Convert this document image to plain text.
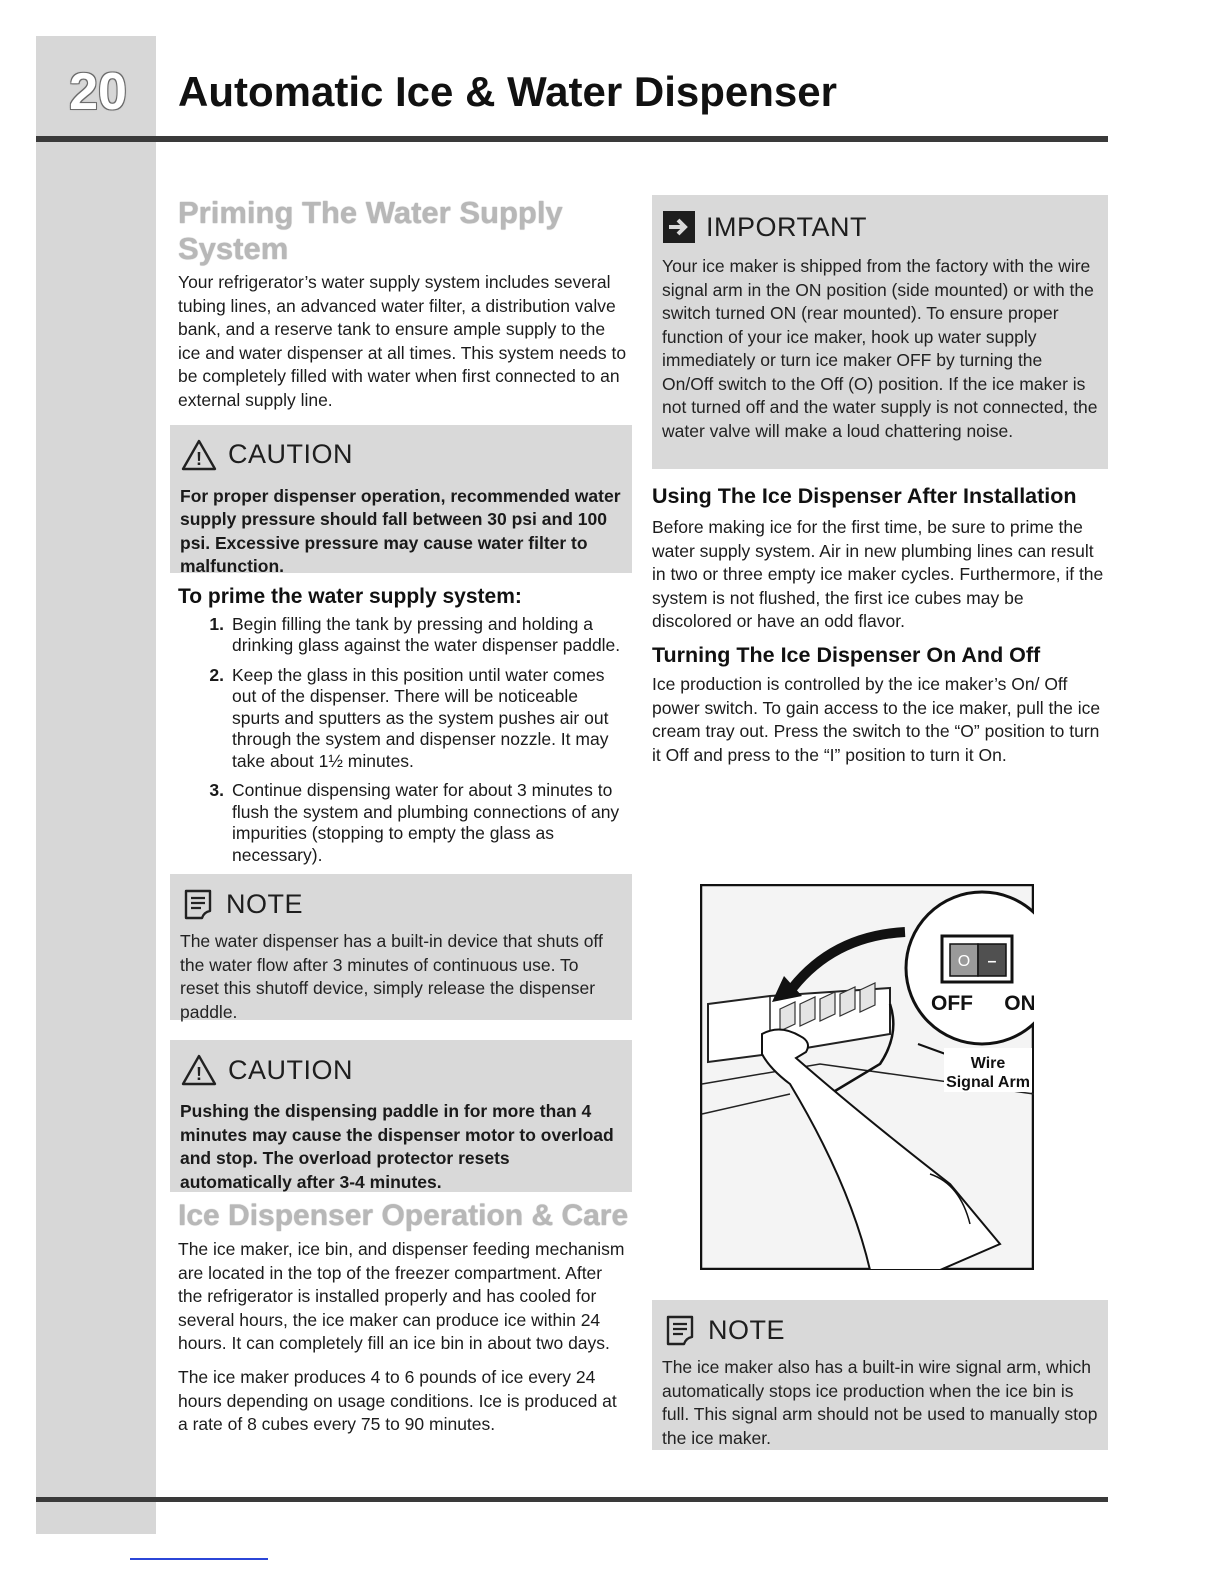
20	Automatic Ice & Water Dispenser
Priming The Water Supply
System

Your refrigerator’s water supply system includes several tubing lines, an advanced water filter, a distribution valve bank, and a reserve tank to ensure ample supply to the ice and water dispenser at all times. This system needs to be completely filled with water when first connected to an external supply line.

! CAUTION

For proper dispenser operation, recommended water supply pressure should fall between 30 psi and 100 psi. Excessive pressure may cause water filter to malfunction.

To prime the water supply system:
1. Begin filling the tank by pressing and holding a drinking glass against the water dispenser paddle.
2. Keep the glass in this position until water comes out of the dispenser. There will be noticeable spurts and sputters as the system pushes air out through the system and dispenser nozzle. It may take about 1½ minutes.
3. Continue dispensing water for about 3 minutes to flush the system and plumbing connections of any impurities (stopping to empty the glass as necessary).
NOTE

The water dispenser has a built-in device that shuts off the water flow after 3 minutes of continuous use. To reset this shutoff device, simply release the dispenser paddle.

! CAUTION

Pushing the dispensing paddle in for more than 4 minutes may cause the dispenser motor to overload and stop. The overload protector resets automatically after 3-4 minutes.

Ice Dispenser Operation & Care

The ice maker, ice bin, and dispenser feeding mechanism are located in the top of the freezer compartment. After the refrigerator is installed properly and has cooled for several hours, the ice maker can produce ice within 24 hours. It can completely fill an ice bin in about two days.

The ice maker produces 4 to 6 pounds of ice every 24 hours depending on usage conditions. Ice is produced at a rate of 8 cubes every 75 to 90 minutes.

IMPORTANT

Your ice maker is shipped from the factory with the wire signal arm in the ON position (side mounted) or with the switch turned ON (rear mounted). To ensure proper function of your ice maker, hook up water supply immediately or turn ice maker OFF by turning the On/Off switch to the Off (O) position. If the ice maker is not turned off and the water supply is not connected, the water valve will make a loud chattering noise.

Using The Ice Dispenser After Installation

Before making ice for the first time, be sure to prime the water supply system. Air in new plumbing lines can result in two or three empty ice maker cycles. Furthermore, if the system is not flushed, the first ice cubes may be discolored or have an odd flavor.

Turning The Ice Dispenser On And Off

Ice production is controlled by the ice maker’s On/ Off power switch. To gain access to the ice maker, pull the ice cream tray out. Press the switch to the “O” position to turn it Off and press to the “I” position to turn it On.

O –
OFF ON
Wire
Signal Arm
NOTE

The ice maker also has a built-in wire signal arm, which automatically stops ice production when the ice bin is full. This signal arm should not be used to manually stop the ice maker.
